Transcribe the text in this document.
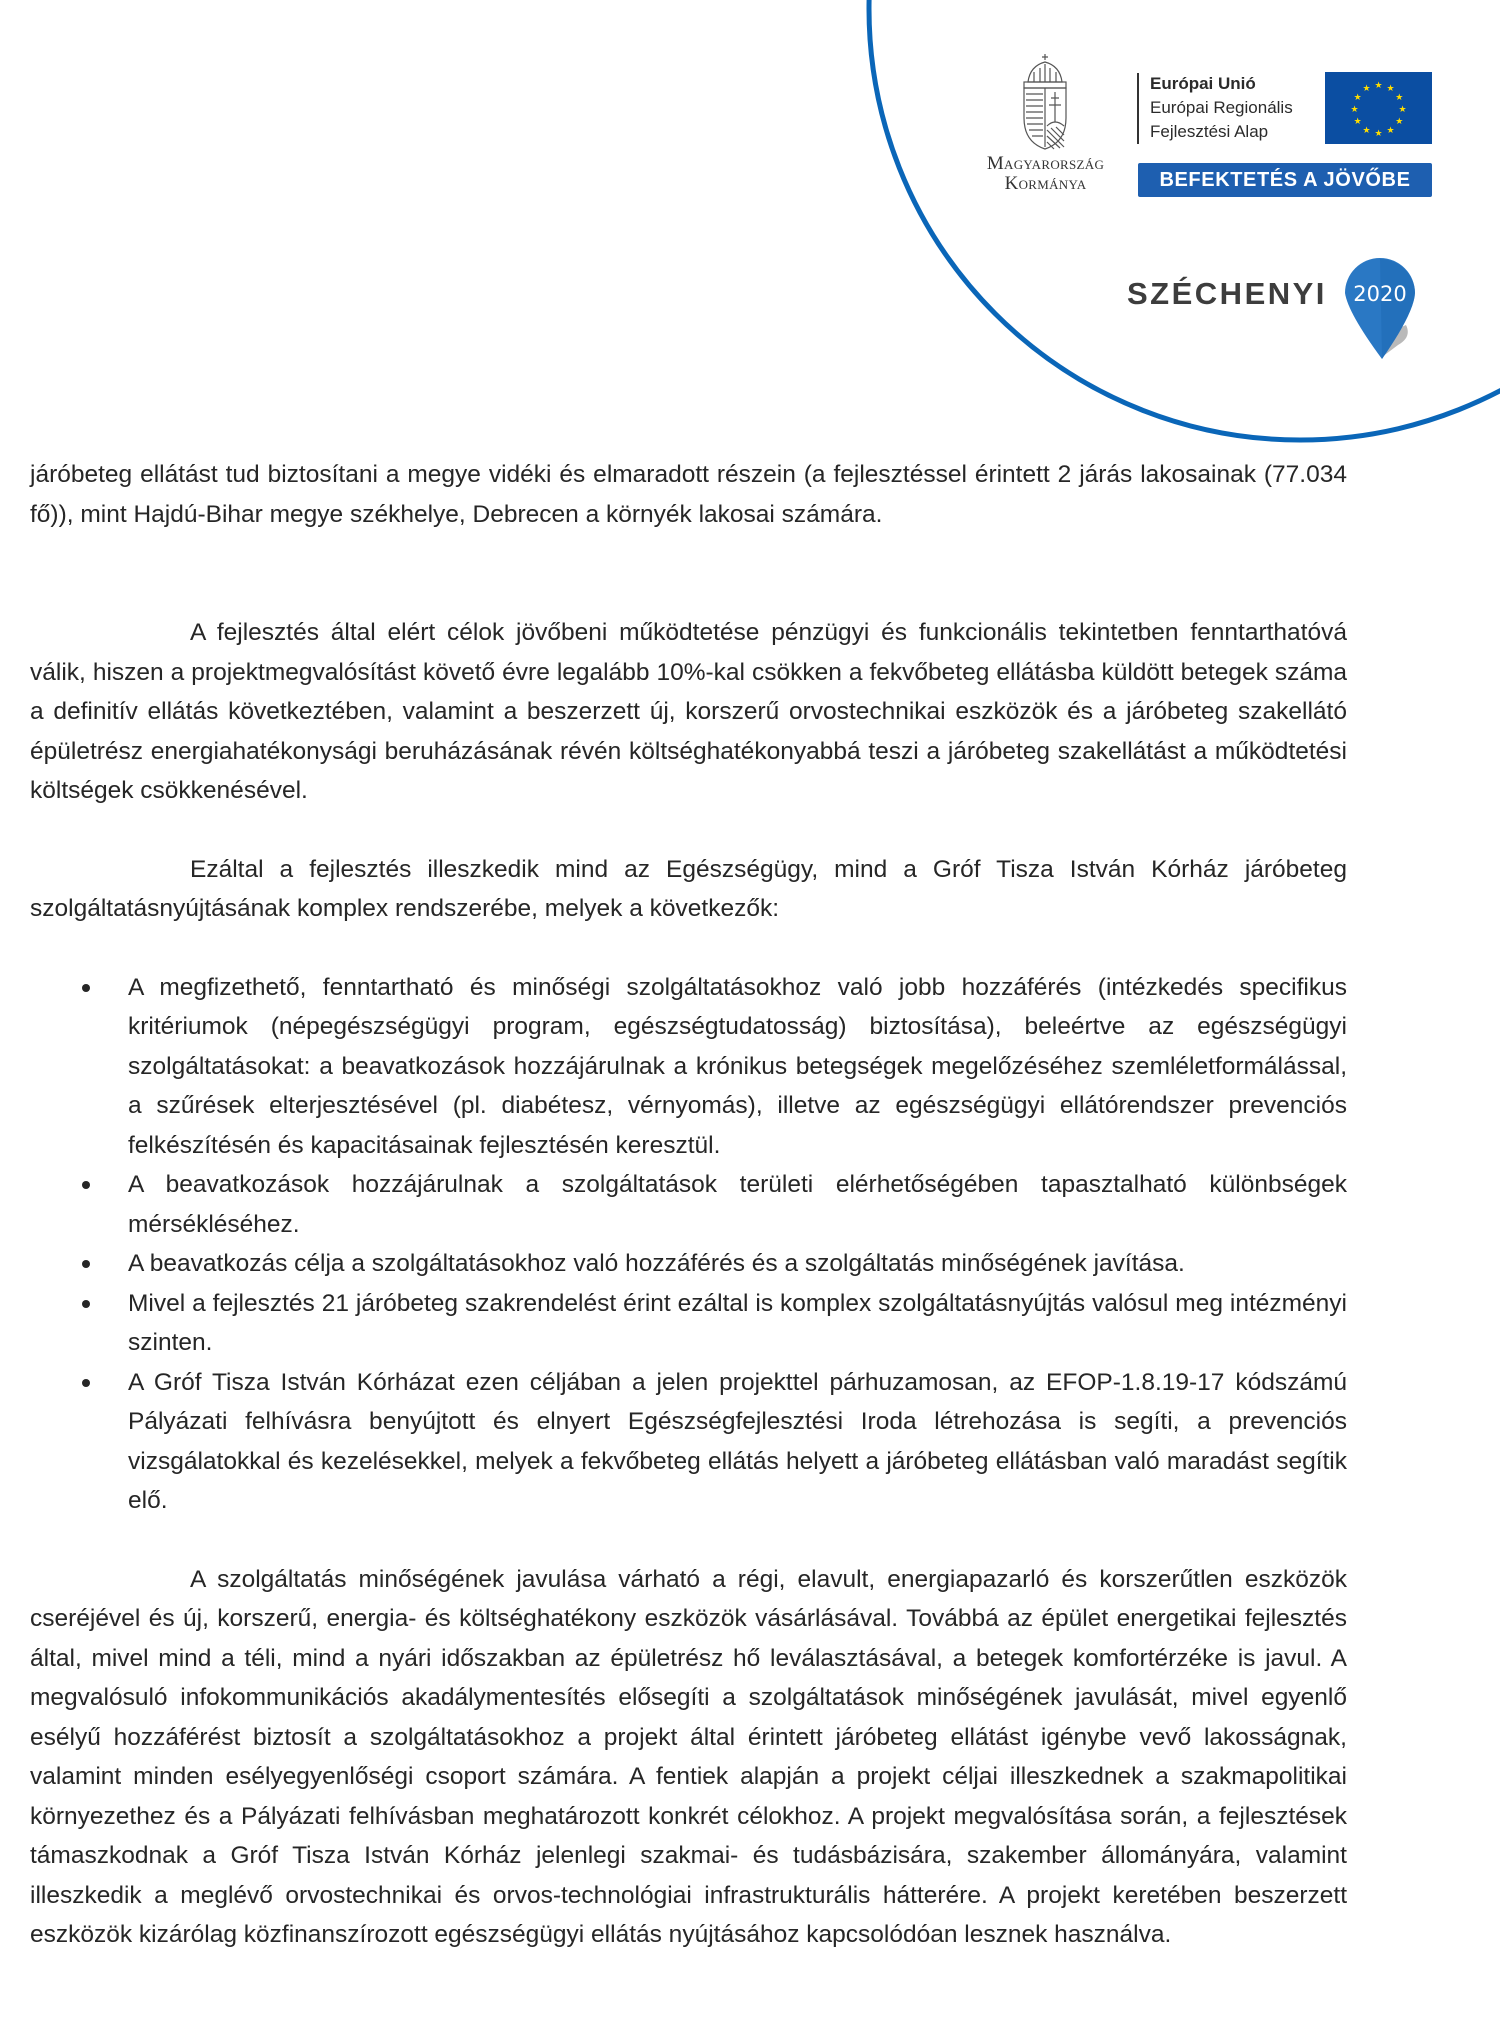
Magyarország
Kormánya
Európai Unió
Európai Regionális
Fejlesztési Alap
★ ★
★
★
★
★
★
★
★
★
★
★
BEFEKTETÉS A JÖVŐBE
SZÉCHENYI 2020

járóbeteg ellátást tud biztosítani a megye vidéki és elmaradott részein (a fejlesztéssel érintett 2 járás lakosainak (77.034 fő)), mint Hajdú-Bihar megye székhelye, Debrecen a környék lakosai számára.

A fejlesztés által elért célok jövőbeni működtetése pénzügyi és funkcionális tekintetben fenntarthatóvá válik, hiszen a projektmegvalósítást követő évre legalább 10%-kal csökken a fekvőbeteg ellátásba küldött betegek száma a definitív ellátás következtében, valamint a beszerzett új, korszerű orvostechnikai eszközök és a járóbeteg szakellátó épületrész energiahatékonysági beruházásának révén költséghatékonyabbá teszi a járóbeteg szakellátást a működtetési költségek csökkenésével.

Ezáltal a fejlesztés illeszkedik mind az Egészségügy, mind a Gróf Tisza István Kórház járóbeteg szolgáltatásnyújtásának komplex rendszerébe, melyek a következők:

A megfizethető, fenntartható és minőségi szolgáltatásokhoz való jobb hozzáférés (intézkedés specifikus kritériumok (népegészségügyi program, egészségtudatosság) biztosítása), beleértve az egészségügyi szolgáltatásokat: a beavatkozások hozzájárulnak a krónikus betegségek megelőzéséhez szemléletformálással, a szűrések elterjesztésével (pl. diabétesz, vérnyomás), illetve az egészségügyi ellátórendszer prevenciós felkészítésén és kapacitásainak fejlesztésén keresztül.
A beavatkozások hozzájárulnak a szolgáltatások területi elérhetőségében tapasztalható különbségek mérsékléséhez.
A beavatkozás célja a szolgáltatásokhoz való hozzáférés és a szolgáltatás minőségének javítása.
Mivel a fejlesztés 21 járóbeteg szakrendelést érint ezáltal is komplex szolgáltatásnyújtás valósul meg intézményi szinten.
A Gróf Tisza István Kórházat ezen céljában a jelen projekttel párhuzamosan, az EFOP-1.8.19-17 kódszámú Pályázati felhívásra benyújtott és elnyert Egészségfejlesztési Iroda létrehozása is segíti, a prevenciós vizsgálatokkal és kezelésekkel, melyek a fekvőbeteg ellátás helyett a járóbeteg ellátásban való maradást segítik elő.

A szolgáltatás minőségének javulása várható a régi, elavult, energiapazarló és korszerűtlen eszközök cseréjével és új, korszerű, energia- és költséghatékony eszközök vásárlásával. Továbbá az épület energetikai fejlesztés által, mivel mind a téli, mind a nyári időszakban az épületrész hő leválasztásával, a betegek komfortérzéke is javul. A megvalósuló infokommunikációs akadálymentesítés elősegíti a szolgáltatások minőségének javulását, mivel egyenlő esélyű hozzáférést biztosít a szolgáltatásokhoz a projekt által érintett járóbeteg ellátást igénybe vevő lakosságnak, valamint minden esélyegyenlőségi csoport számára. A fentiek alapján a projekt céljai illeszkednek a szakmapolitikai környezethez és a Pályázati felhívásban meghatározott konkrét célokhoz. A projekt megvalósítása során, a fejlesztések támaszkodnak a Gróf Tisza István Kórház jelenlegi szakmai- és tudásbázisára, szakember állományára, valamint illeszkedik a meglévő orvostechnikai és orvos-technológiai infrastrukturális hátterére. A projekt keretében beszerzett eszközök kizárólag közfinanszírozott egészségügyi ellátás nyújtásához kapcsolódóan lesznek használva.
